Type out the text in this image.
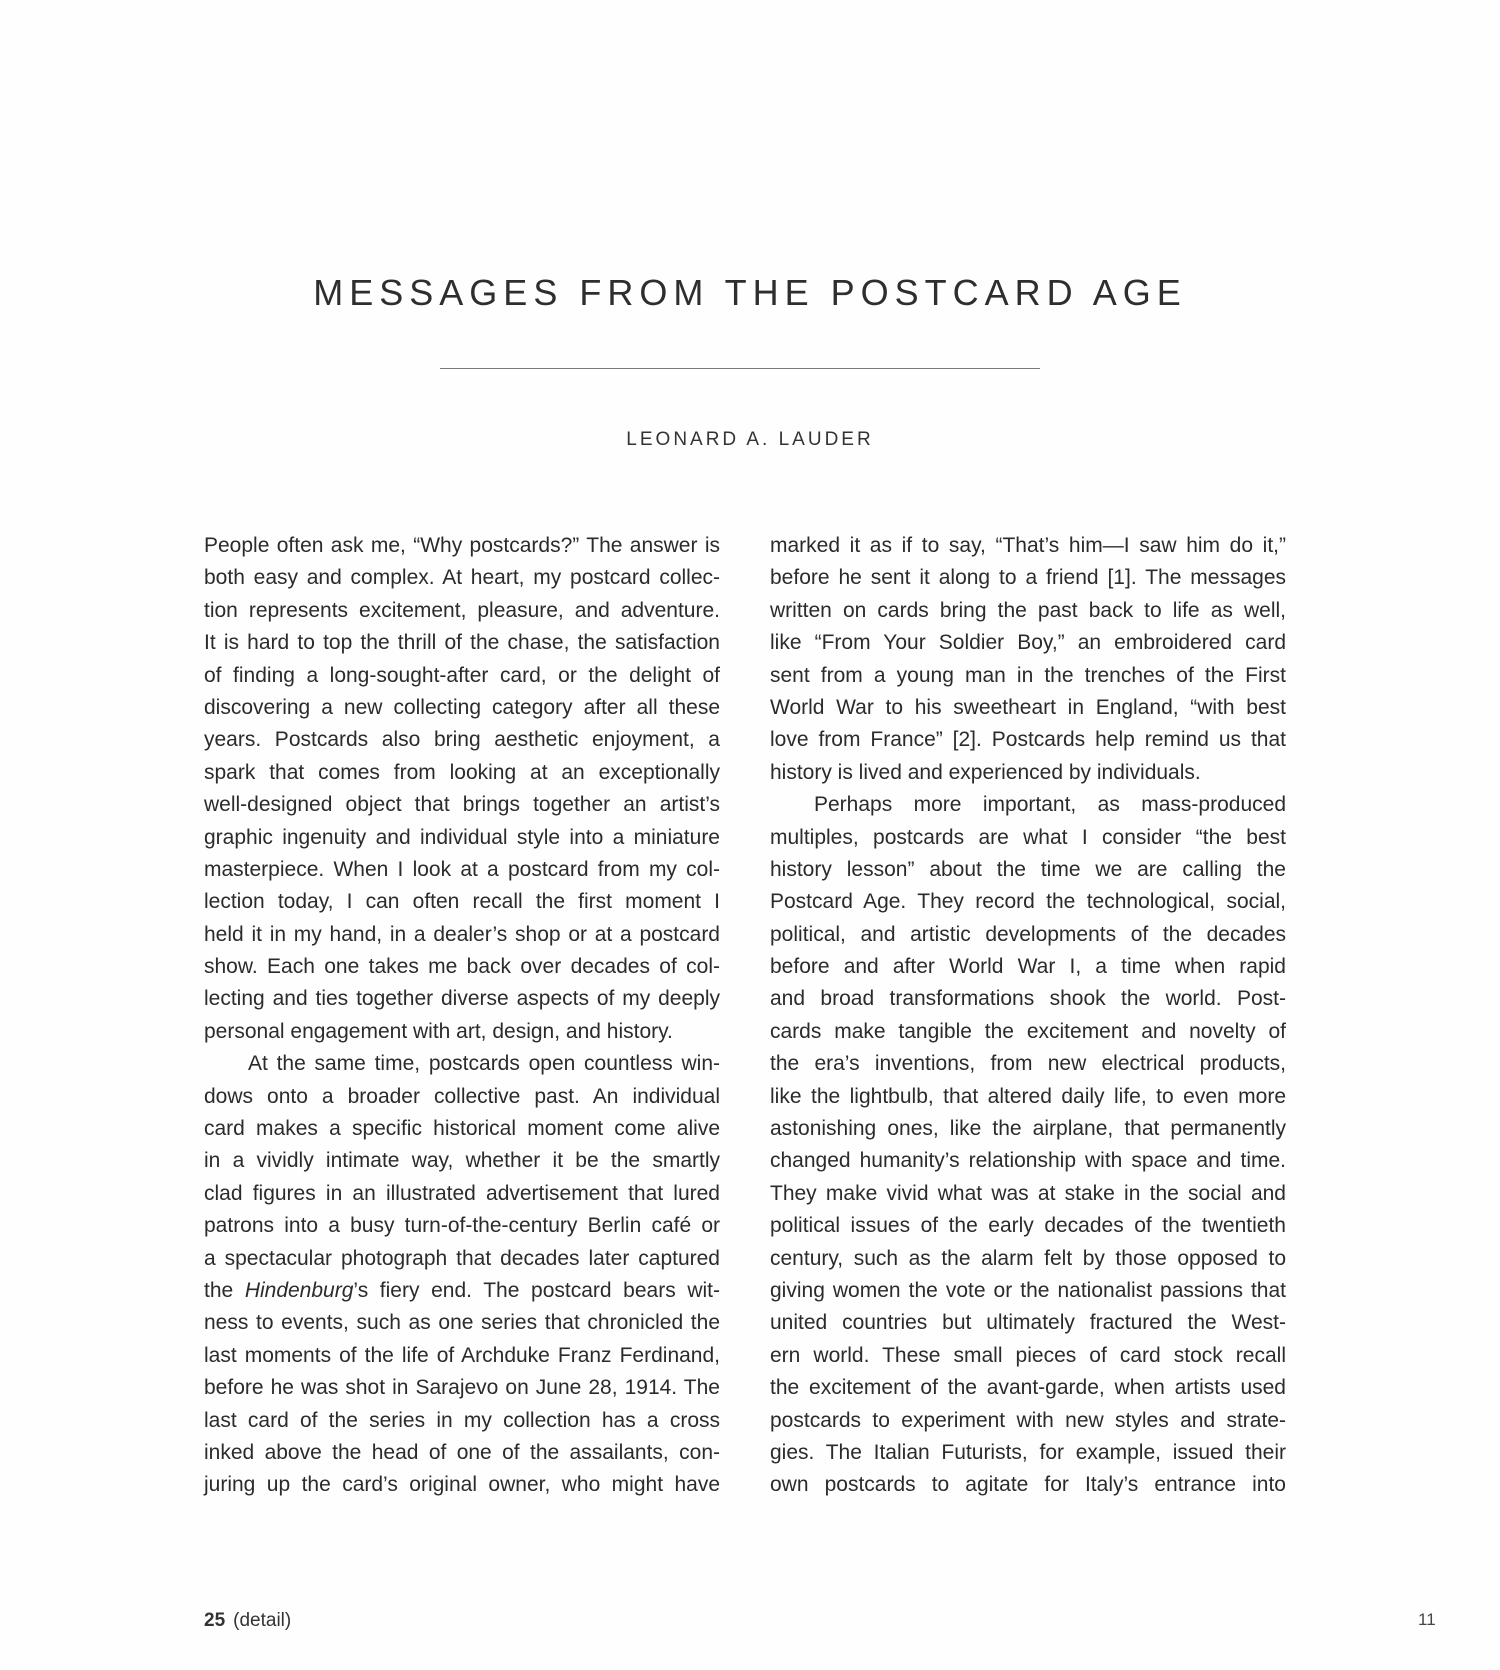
MESSAGES FROM THE POSTCARD AGE

LEONARD A. LAUDER

People often ask me, “Why postcards?” The answer is
both easy and complex. At heart, my postcard collec-
tion represents excitement, pleasure, and adventure.
It is hard to top the thrill of the chase, the satisfaction
of finding a long-sought-after card, or the delight of
discovering a new collecting category after all these
years. Postcards also bring aesthetic enjoyment, a
spark that comes from looking at an exceptionally
well-designed object that brings together an artist’s
graphic ingenuity and individual style into a miniature
masterpiece. When I look at a postcard from my col-
lection today, I can often recall the first moment I
held it in my hand, in a dealer’s shop or at a postcard
show. Each one takes me back over decades of col-
lecting and ties together diverse aspects of my deeply
personal engagement with art, design, and history.
At the same time, postcards open countless win-
dows onto a broader collective past. An individual
card makes a specific historical moment come alive
in a vividly intimate way, whether it be the smartly
clad figures in an illustrated advertisement that lured
patrons into a busy turn-of-the-century Berlin café or
a spectacular photograph that decades later captured
the Hindenburg’s fiery end. The postcard bears wit-
ness to events, such as one series that chronicled the
last moments of the life of Archduke Franz Ferdinand,
before he was shot in Sarajevo on June 28, 1914. The
last card of the series in my collection has a cross
inked above the head of one of the assailants, con-
juring up the card’s original owner, who might have
marked it as if to say, “That’s him—I saw him do it,”
before he sent it along to a friend [1]. The messages
written on cards bring the past back to life as well,
like “From Your Soldier Boy,” an embroidered card
sent from a young man in the trenches of the First
World War to his sweetheart in England, “with best
love from France” [2]. Postcards help remind us that
history is lived and experienced by individuals.
Perhaps more important, as mass-produced
multiples, postcards are what I consider “the best
history lesson” about the time we are calling the
Postcard Age. They record the technological, social,
political, and artistic developments of the decades
before and after World War I, a time when rapid
and broad transformations shook the world. Post-
cards make tangible the excitement and novelty of
the era’s inventions, from new electrical products,
like the lightbulb, that altered daily life, to even more
astonishing ones, like the airplane, that permanently
changed humanity’s relationship with space and time.
They make vivid what was at stake in the social and
political issues of the early decades of the twentieth
century, such as the alarm felt by those opposed to
giving women the vote or the nationalist passions that
united countries but ultimately fractured the West-
ern world. These small pieces of card stock recall
the excitement of the avant-garde, when artists used
postcards to experiment with new styles and strate-
gies. The Italian Futurists, for example, issued their
own postcards to agitate for Italy’s entrance into
25 (detail)	11
